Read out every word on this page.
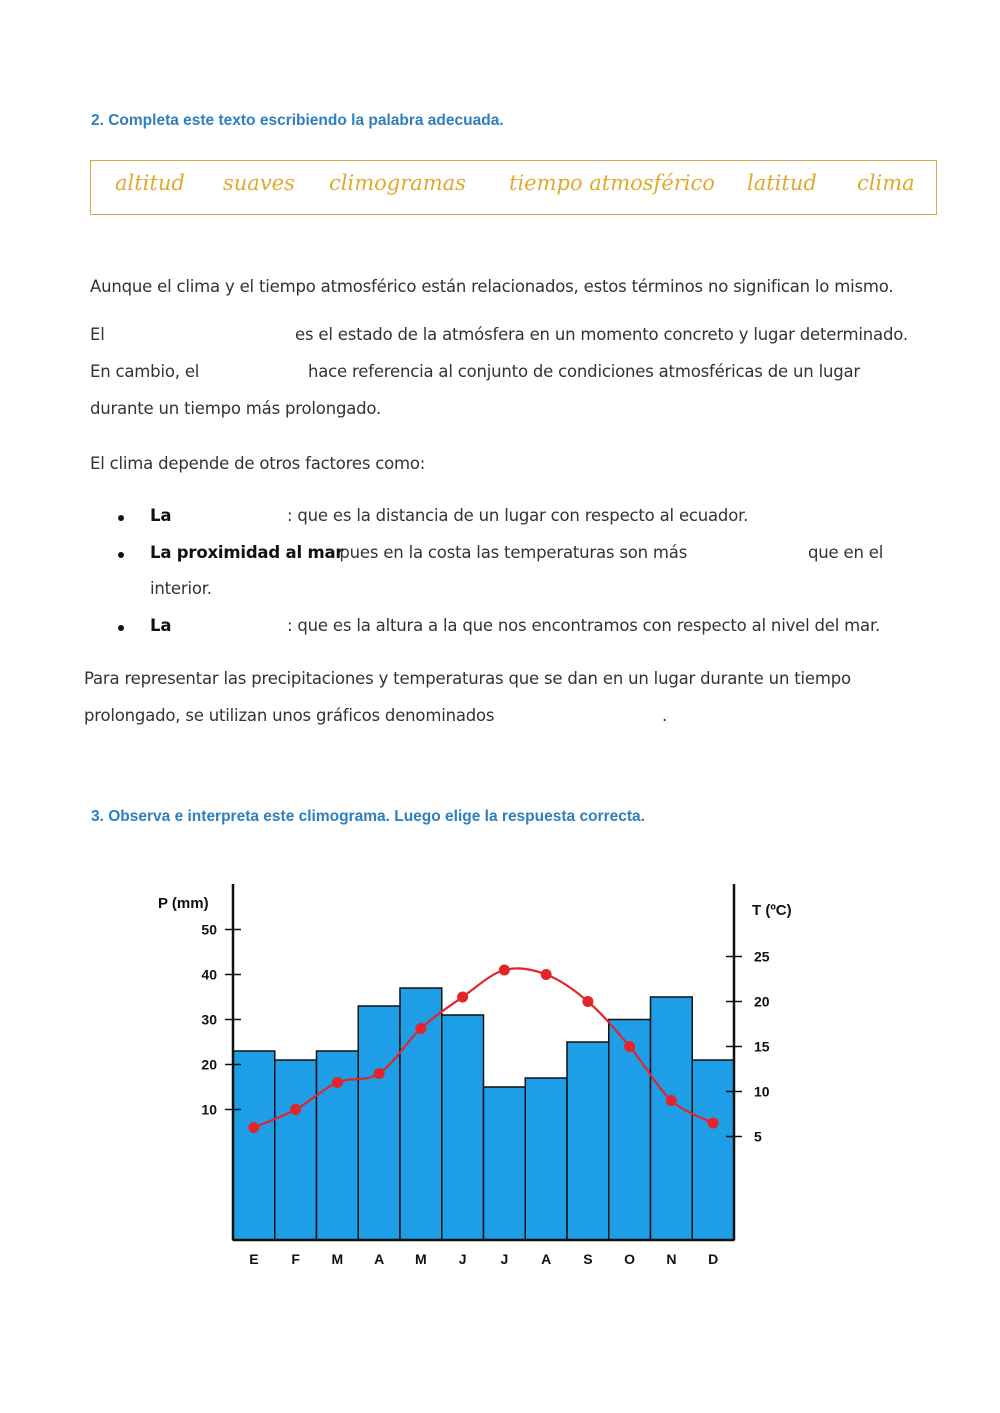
2. Completa este texto escribiendo la palabra adecuada.
altitud suaves climogramas tiempo atmosférico latitud clima
Aunque el clima y el tiempo atmosférico están relacionados, estos términos no significan lo mismo.
El	es el estado de la atmósfera en un momento concreto y lugar determinado.
En cambio, el	hace referencia al conjunto de condiciones atmosféricas de un lugar
durante un tiempo más prolongado.
El clima depende de otros factores como:
La	: que es la distancia de un lugar con respecto al ecuador.
La proximidad al mar
: pues en la costa las temperaturas son más	que en el
interior.
La	: que es la altura a la que nos encontramos con respecto al nivel del mar.
Para representar las precipitaciones y temperaturas que se dan en un lugar durante un tiempo
prolongado, se utilizan unos gráficos denominados	.
3. Observa e interpreta este climograma. Luego elige la respuesta correcta.
P (mm)	T (ºC)
10
20
30
40
50
5
10
15
20
25
E F M A M J J A S O N D
